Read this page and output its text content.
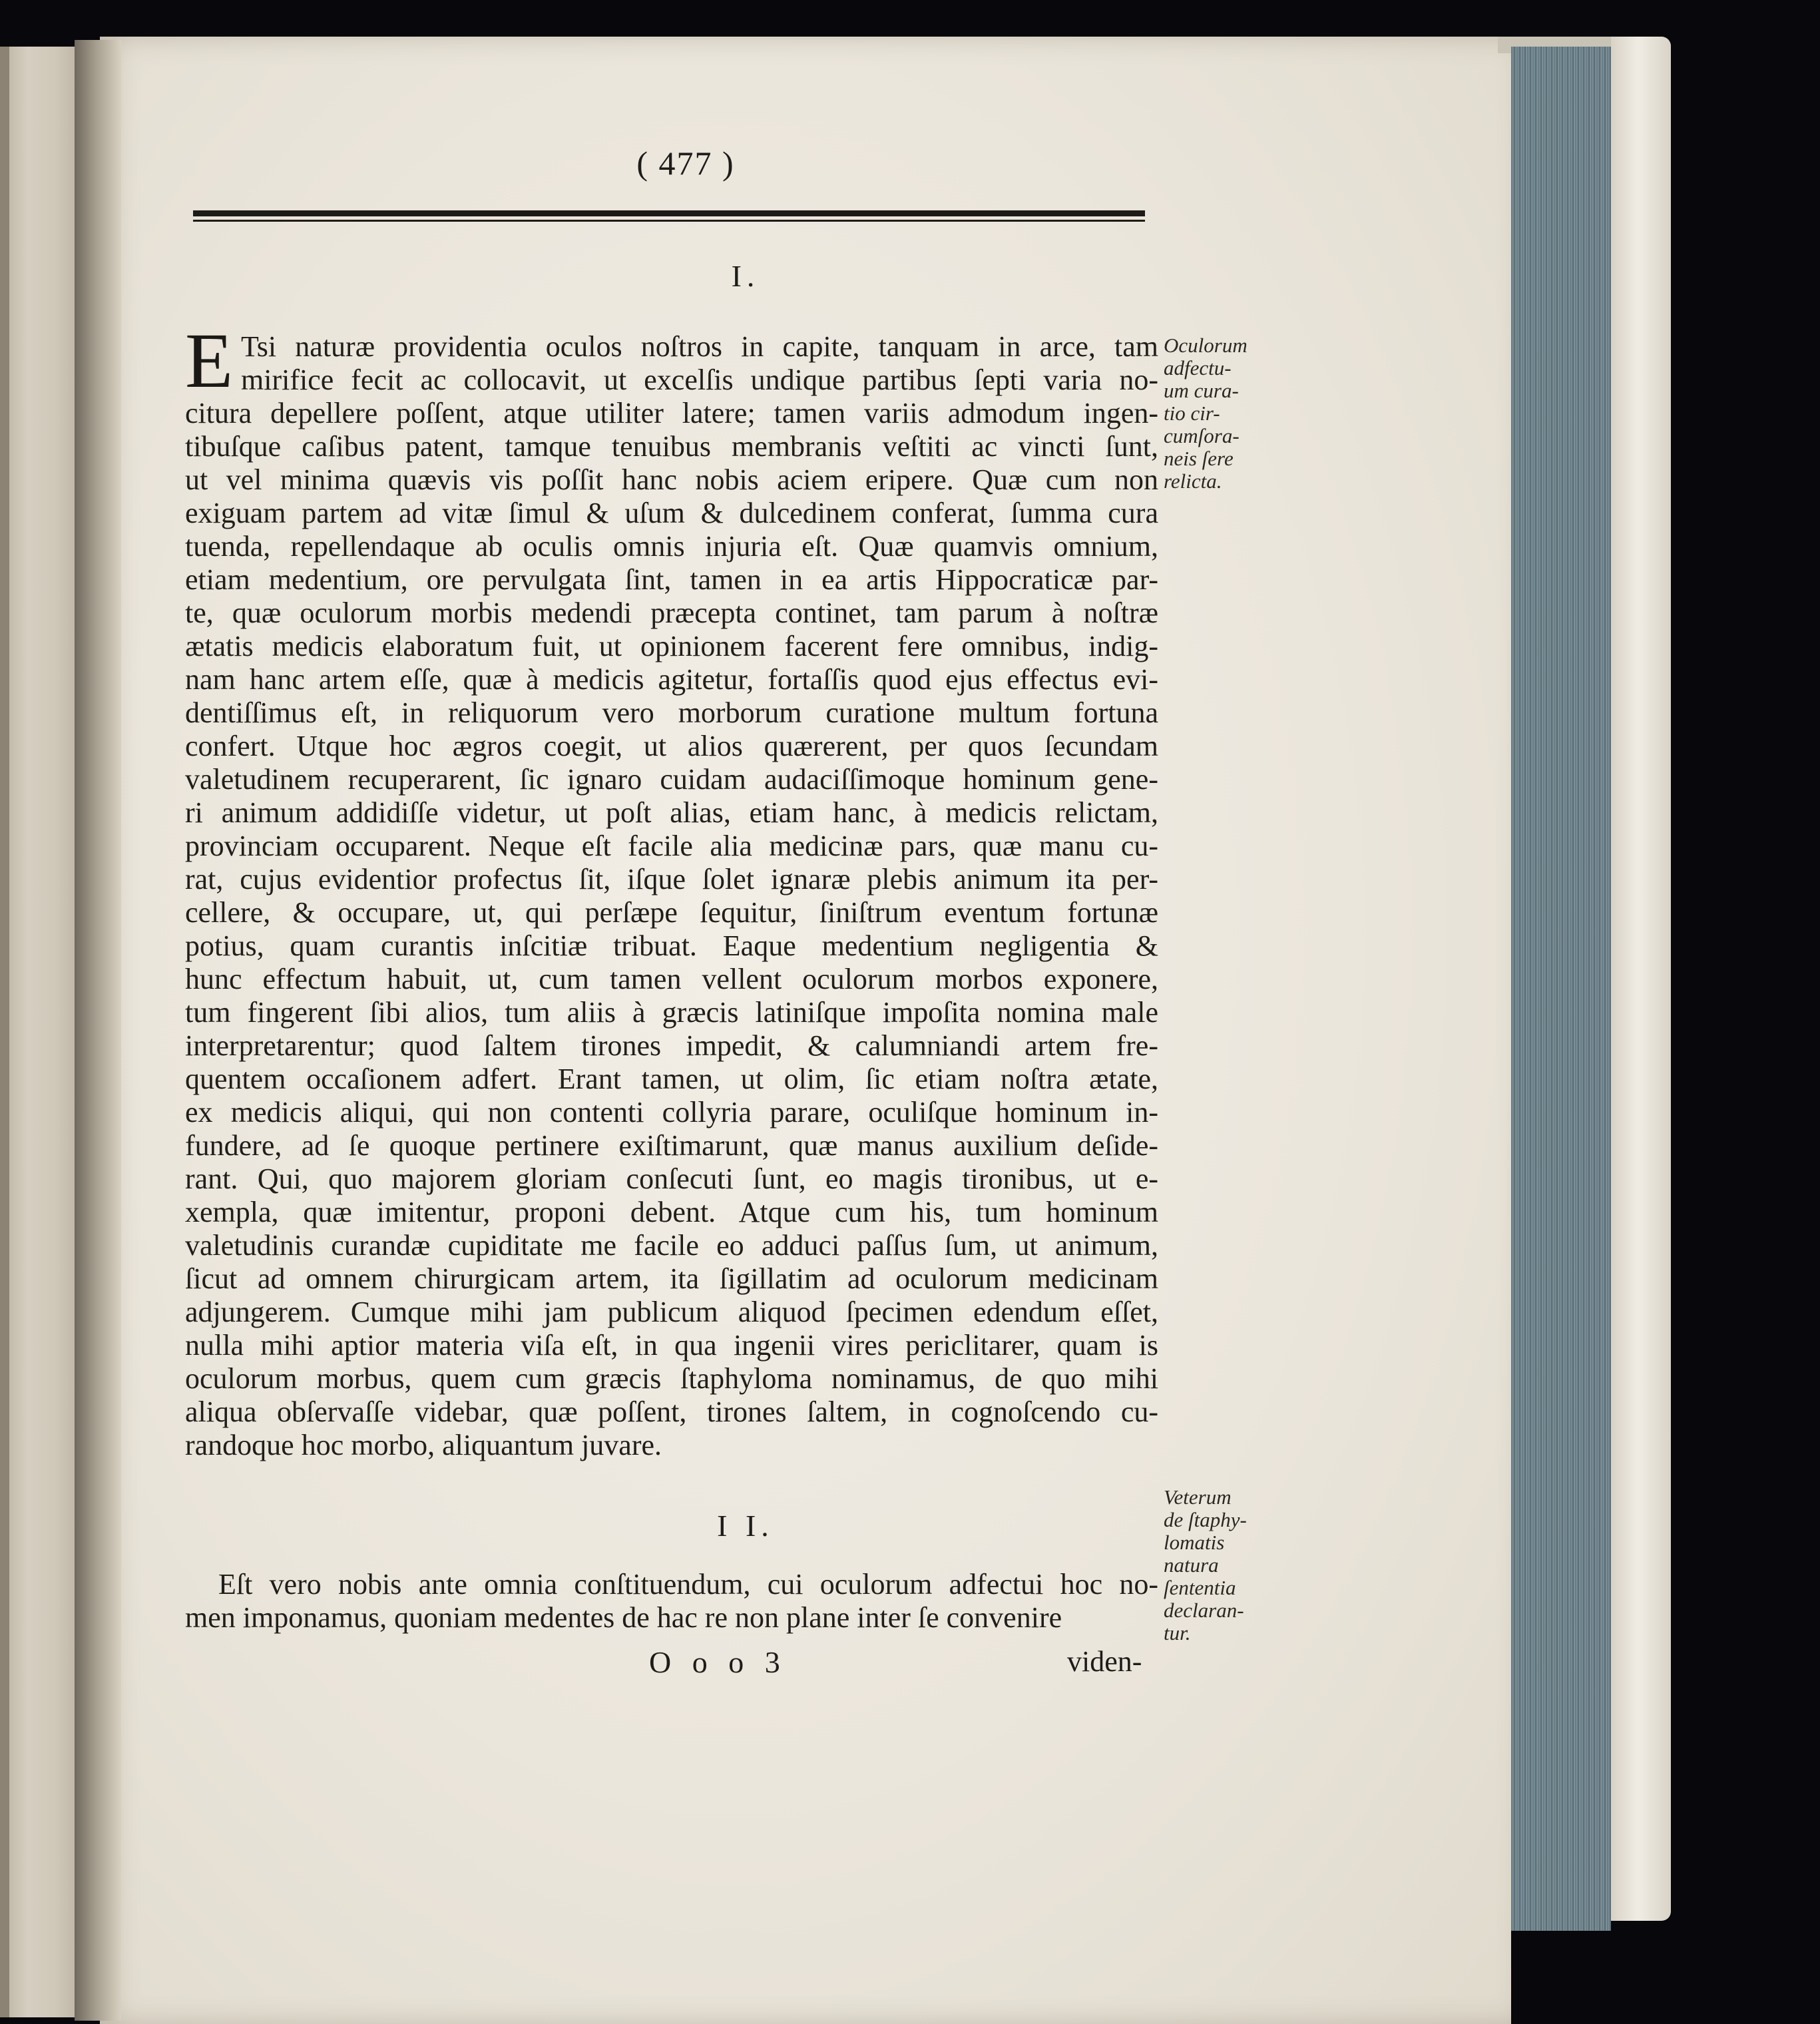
( 477 )
I.
E Tsi naturæ providentia oculos noſtros in capite, tanquam in arce, tam
mirifice fecit ac collocavit, ut excelſis undique partibus ſepti varia no-
citura depellere poſſent, atque utiliter latere; tamen variis admodum ingen-
tibuſque caſibus patent, tamque tenuibus membranis veſtiti ac vincti ſunt,
ut vel minima quævis vis poſſit hanc nobis aciem eripere. Quæ cum non
exiguam partem ad vitæ ſimul & uſum & dulcedinem conferat, ſumma cura
tuenda, repellendaque ab oculis omnis injuria eſt. Quæ quamvis omnium,
etiam medentium, ore pervulgata ſint, tamen in ea artis Hippocraticæ par-
te, quæ oculorum morbis medendi præcepta continet, tam parum à noſtræ
ætatis medicis elaboratum fuit, ut opinionem facerent fere omnibus, indig-
nam hanc artem eſſe, quæ à medicis agitetur, fortaſſis quod ejus effectus evi-
dentiſſimus eſt, in reliquorum vero morborum curatione multum fortuna
confert. Utque hoc ægros coegit, ut alios quærerent, per quos ſecundam
valetudinem recuperarent, ſic ignaro cuidam audaciſſimoque hominum gene-
ri animum addidiſſe videtur, ut poſt alias, etiam hanc, à medicis relictam,
provinciam occuparent. Neque eſt facile alia medicinæ pars, quæ manu cu-
rat, cujus evidentior profectus ſit, iſque ſolet ignaræ plebis animum ita per-
cellere, & occupare, ut, qui perſæpe ſequitur, ſiniſtrum eventum fortunæ
potius, quam curantis inſcitiæ tribuat. Eaque medentium negligentia &
hunc effectum habuit, ut, cum tamen vellent oculorum morbos exponere,
tum fingerent ſibi alios, tum aliis à græcis latiniſque impoſita nomina male
interpretarentur; quod ſaltem tirones impedit, & calumniandi artem fre-
quentem occaſionem adfert. Erant tamen, ut olim, ſic etiam noſtra ætate,
ex medicis aliqui, qui non contenti collyria parare, oculiſque hominum in-
fundere, ad ſe quoque pertinere exiſtimarunt, quæ manus auxilium deſide-
rant. Qui, quo majorem gloriam conſecuti ſunt, eo magis tironibus, ut e-
xempla, quæ imitentur, proponi debent. Atque cum his, tum hominum
valetudinis curandæ cupiditate me facile eo adduci paſſus ſum, ut animum,
ſicut ad omnem chirurgicam artem, ita ſigillatim ad oculorum medicinam
adjungerem. Cumque mihi jam publicum aliquod ſpecimen edendum eſſet,
nulla mihi aptior materia viſa eſt, in qua ingenii vires periclitarer, quam is
oculorum morbus, quem cum græcis ſtaphyloma nominamus, de quo mihi
aliqua obſervaſſe videbar, quæ poſſent, tirones ſaltem, in cognoſcendo cu-
randoque hoc morbo, aliquantum juvare.
Oculorum
adfectu-
um cura-
tio cir-
cumſora-
neis ſere
relicta.
I I.
Veterum
de ſtaphy-
lomatis
natura
ſententia
declaran-
tur.
Eſt vero nobis ante omnia conſtituendum, cui oculorum adfectui hoc no-
men imponamus, quoniam medentes de hac re non plane inter ſe convenire
O o o 3	viden-
